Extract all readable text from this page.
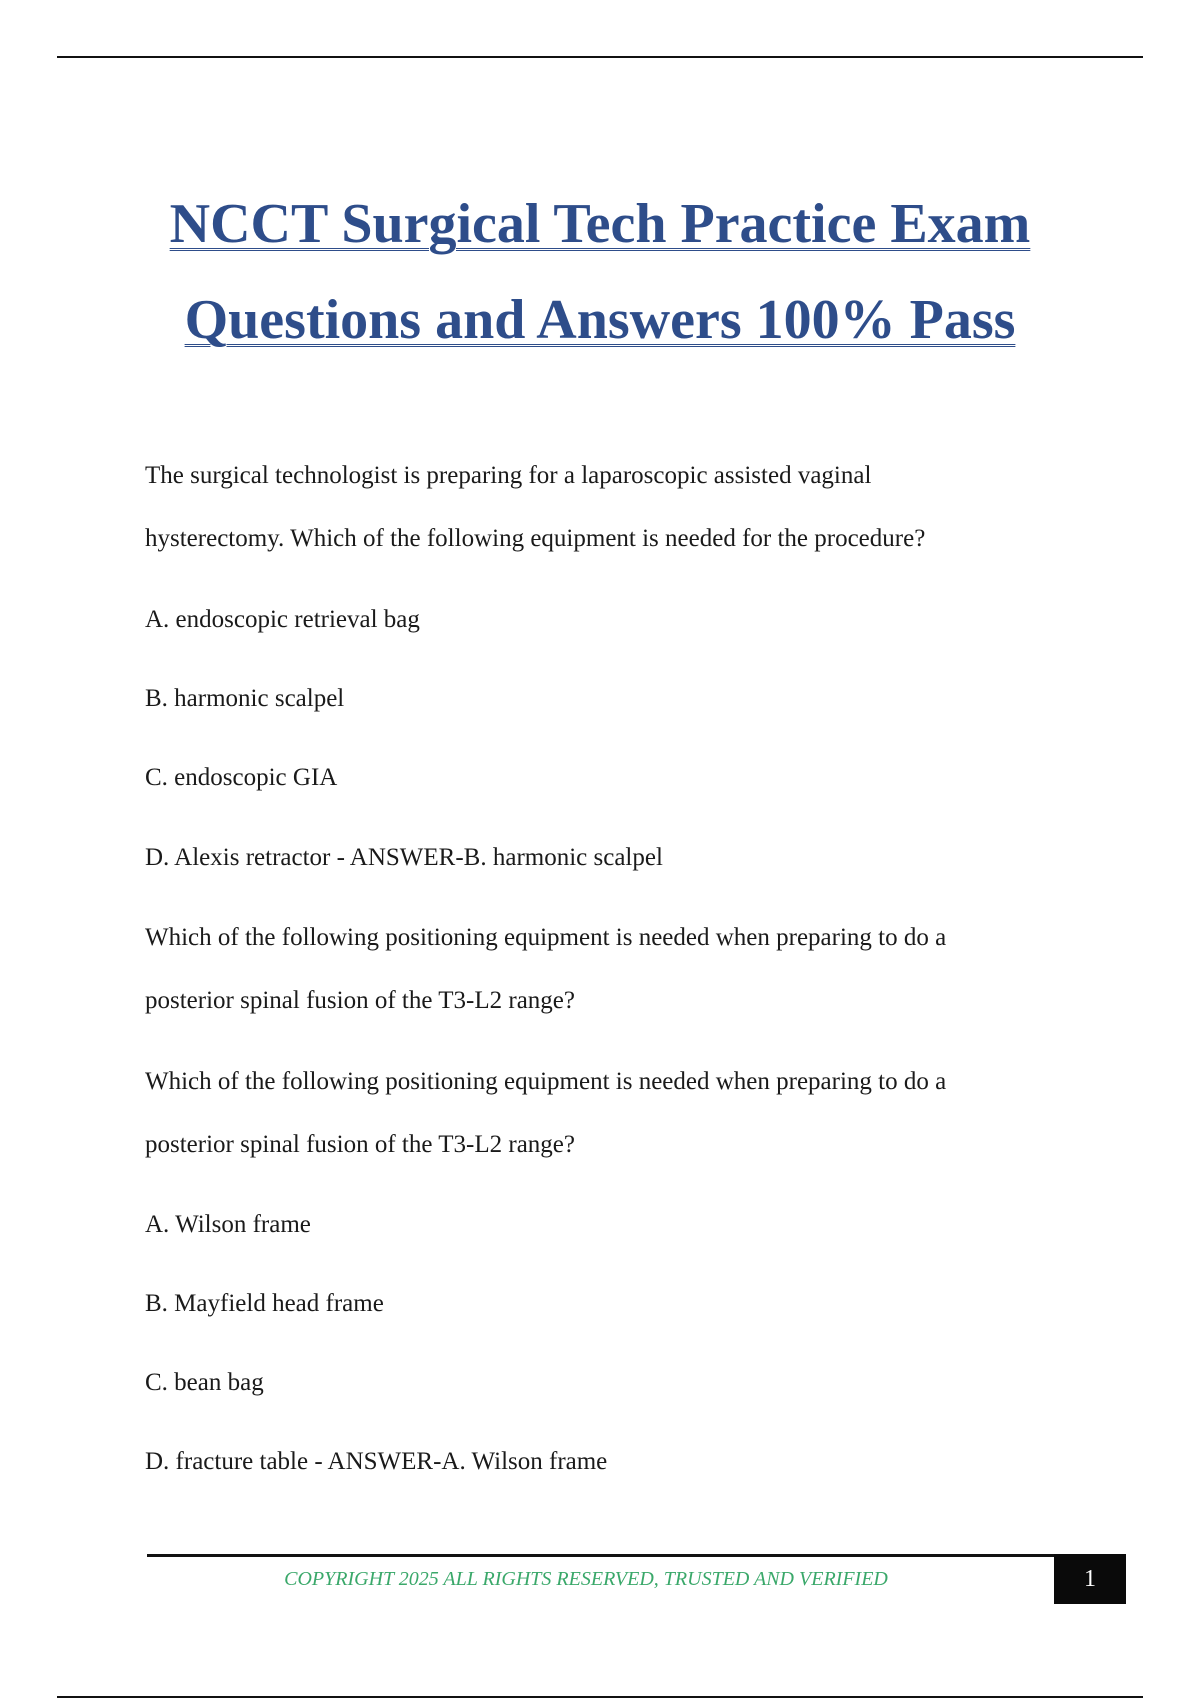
NCCT Surgical Tech Practice Exam
Questions and Answers 100% Pass
The surgical technologist is preparing for a laparoscopic assisted vaginal
hysterectomy. Which of the following equipment is needed for the procedure?
A. endoscopic retrieval bag
B. harmonic scalpel
C. endoscopic GIA
D. Alexis retractor - ANSWER-B. harmonic scalpel
Which of the following positioning equipment is needed when preparing to do a
posterior spinal fusion of the T3-L2 range?
Which of the following positioning equipment is needed when preparing to do a
posterior spinal fusion of the T3-L2 range?
A. Wilson frame
B. Mayfield head frame
C. bean bag
D. fracture table - ANSWER-A. Wilson frame
COPYRIGHT 2025 ALL RIGHTS RESERVED, TRUSTED AND VERIFIED	1
